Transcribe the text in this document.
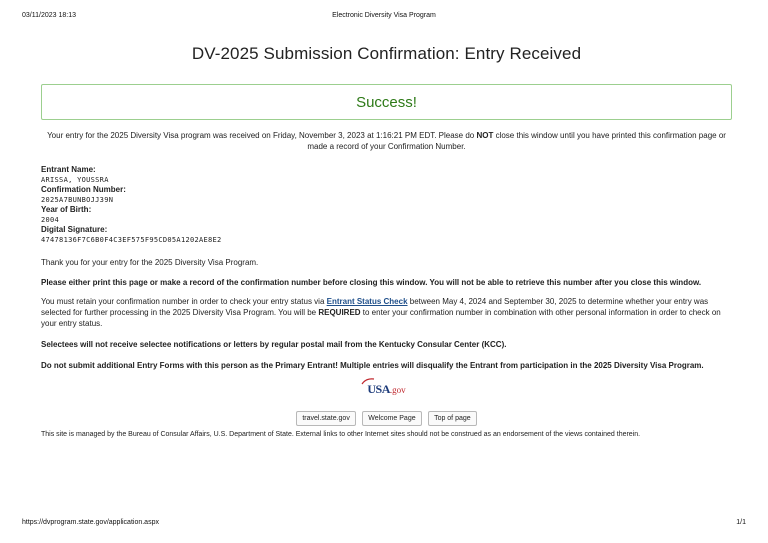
03/11/2023 18:13	Electronic Diversity Visa Program
DV-2025 Submission Confirmation: Entry Received
Success!
Your entry for the 2025 Diversity Visa program was received on Friday, November 3, 2023 at 1:16:21 PM EDT. Please do NOT close this window until you have printed this confirmation page or made a record of your Confirmation Number.
Entrant Name:
ARISSA, YOUSSRA
Confirmation Number:
2025A7BUNBOJJ39N
Year of Birth:
2004
Digital Signature:
47478136F7C6B0F4C3EF575F95CD05A1202AE8E2

Thank you for your entry for the 2025 Diversity Visa Program.

Please either print this page or make a record of the confirmation number before closing this window. You will not be able to retrieve this number after you close this window.

You must retain your confirmation number in order to check your entry status via Entrant Status Check between May 4, 2024 and September 30, 2025 to determine whether your entry was selected for further processing in the 2025 Diversity Visa Program. You will be REQUIRED to enter your confirmation number in combination with other personal information in order to check on your entry status.

Selectees will not receive selectee notifications or letters by regular postal mail from the Kentucky Consular Center (KCC).

Do not submit additional Entry Forms with this person as the Primary Entrant! Multiple entries will disqualify the Entrant from participation in the 2025 Diversity Visa Program.

USA.gov
travel.state.gov	Welcome Page	Top of page
This site is managed by the Bureau of Consular Affairs, U.S. Department of State. External links to other Internet sites should not be construed as an endorsement of the views contained therein.
https://dvprogram.state.gov/application.aspx	1/1
